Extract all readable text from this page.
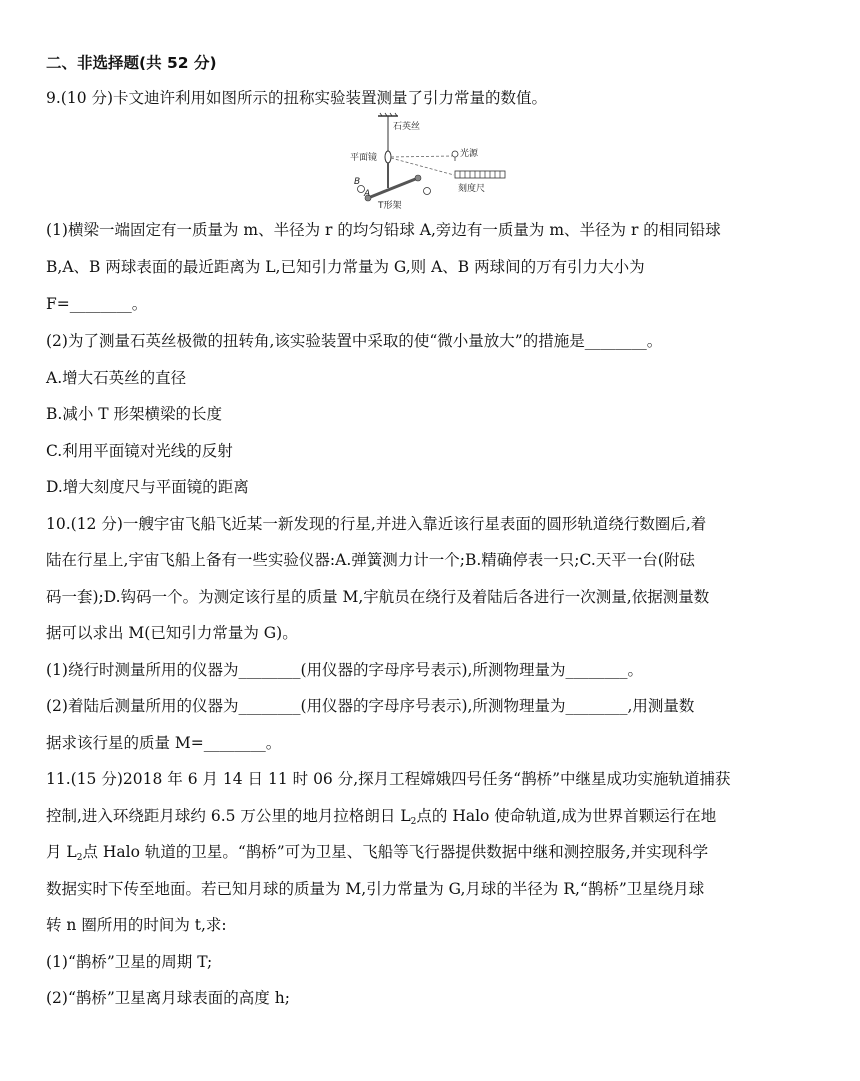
二、非选择题(共 52 分)
9.(10 分)卡文迪许利用如图所示的扭称实验装置测量了引力常量的数值。
石英丝
平面镜	光源
刻度尺
T形架
A
B
(1)横梁一端固定有一质量为 m、半径为 r 的均匀铅球 A,旁边有一质量为 m、半径为 r 的相同铅球
B,A、B 两球表面的最近距离为 L,已知引力常量为 G,则 A、B 两球间的万有引力大小为
F=________。
(2)为了测量石英丝极微的扭转角,该实验装置中采取的使“微小量放大”的措施是________。
A.增大石英丝的直径
B.减小 T 形架横梁的长度
C.利用平面镜对光线的反射
D.增大刻度尺与平面镜的距离
10.(12 分)一艘宇宙飞船飞近某一新发现的行星,并进入靠近该行星表面的圆形轨道绕行数圈后,着
陆在行星上,宇宙飞船上备有一些实验仪器:A.弹簧测力计一个;B.精确停表一只;C.天平一台(附砝
码一套);D.钩码一个。为测定该行星的质量 M,宇航员在绕行及着陆后各进行一次测量,依据测量数
据可以求出 M(已知引力常量为 G)。
(1)绕行时测量所用的仪器为________(用仪器的字母序号表示),所测物理量为________。
(2)着陆后测量所用的仪器为________(用仪器的字母序号表示),所测物理量为________,用测量数
据求该行星的质量 M=________。
11.(15 分)2018 年 6 月 14 日 11 时 06 分,探月工程嫦娥四号任务“鹊桥”中继星成功实施轨道捕获
控制,进入环绕距月球约 6.5 万公里的地月拉格朗日 $L_2$点的 Halo 使命轨道,成为世界首颗运行在地
月 $L_2$点 Halo 轨道的卫星。“鹊桥”可为卫星、飞船等飞行器提供数据中继和测控服务,并实现科学
数据实时下传至地面。若已知月球的质量为 M,引力常量为 G,月球的半径为 R,“鹊桥”卫星绕月球
转 n 圈所用的时间为 t,求:
(1)“鹊桥”卫星的周期 T;
(2)“鹊桥”卫星离月球表面的高度 h;
